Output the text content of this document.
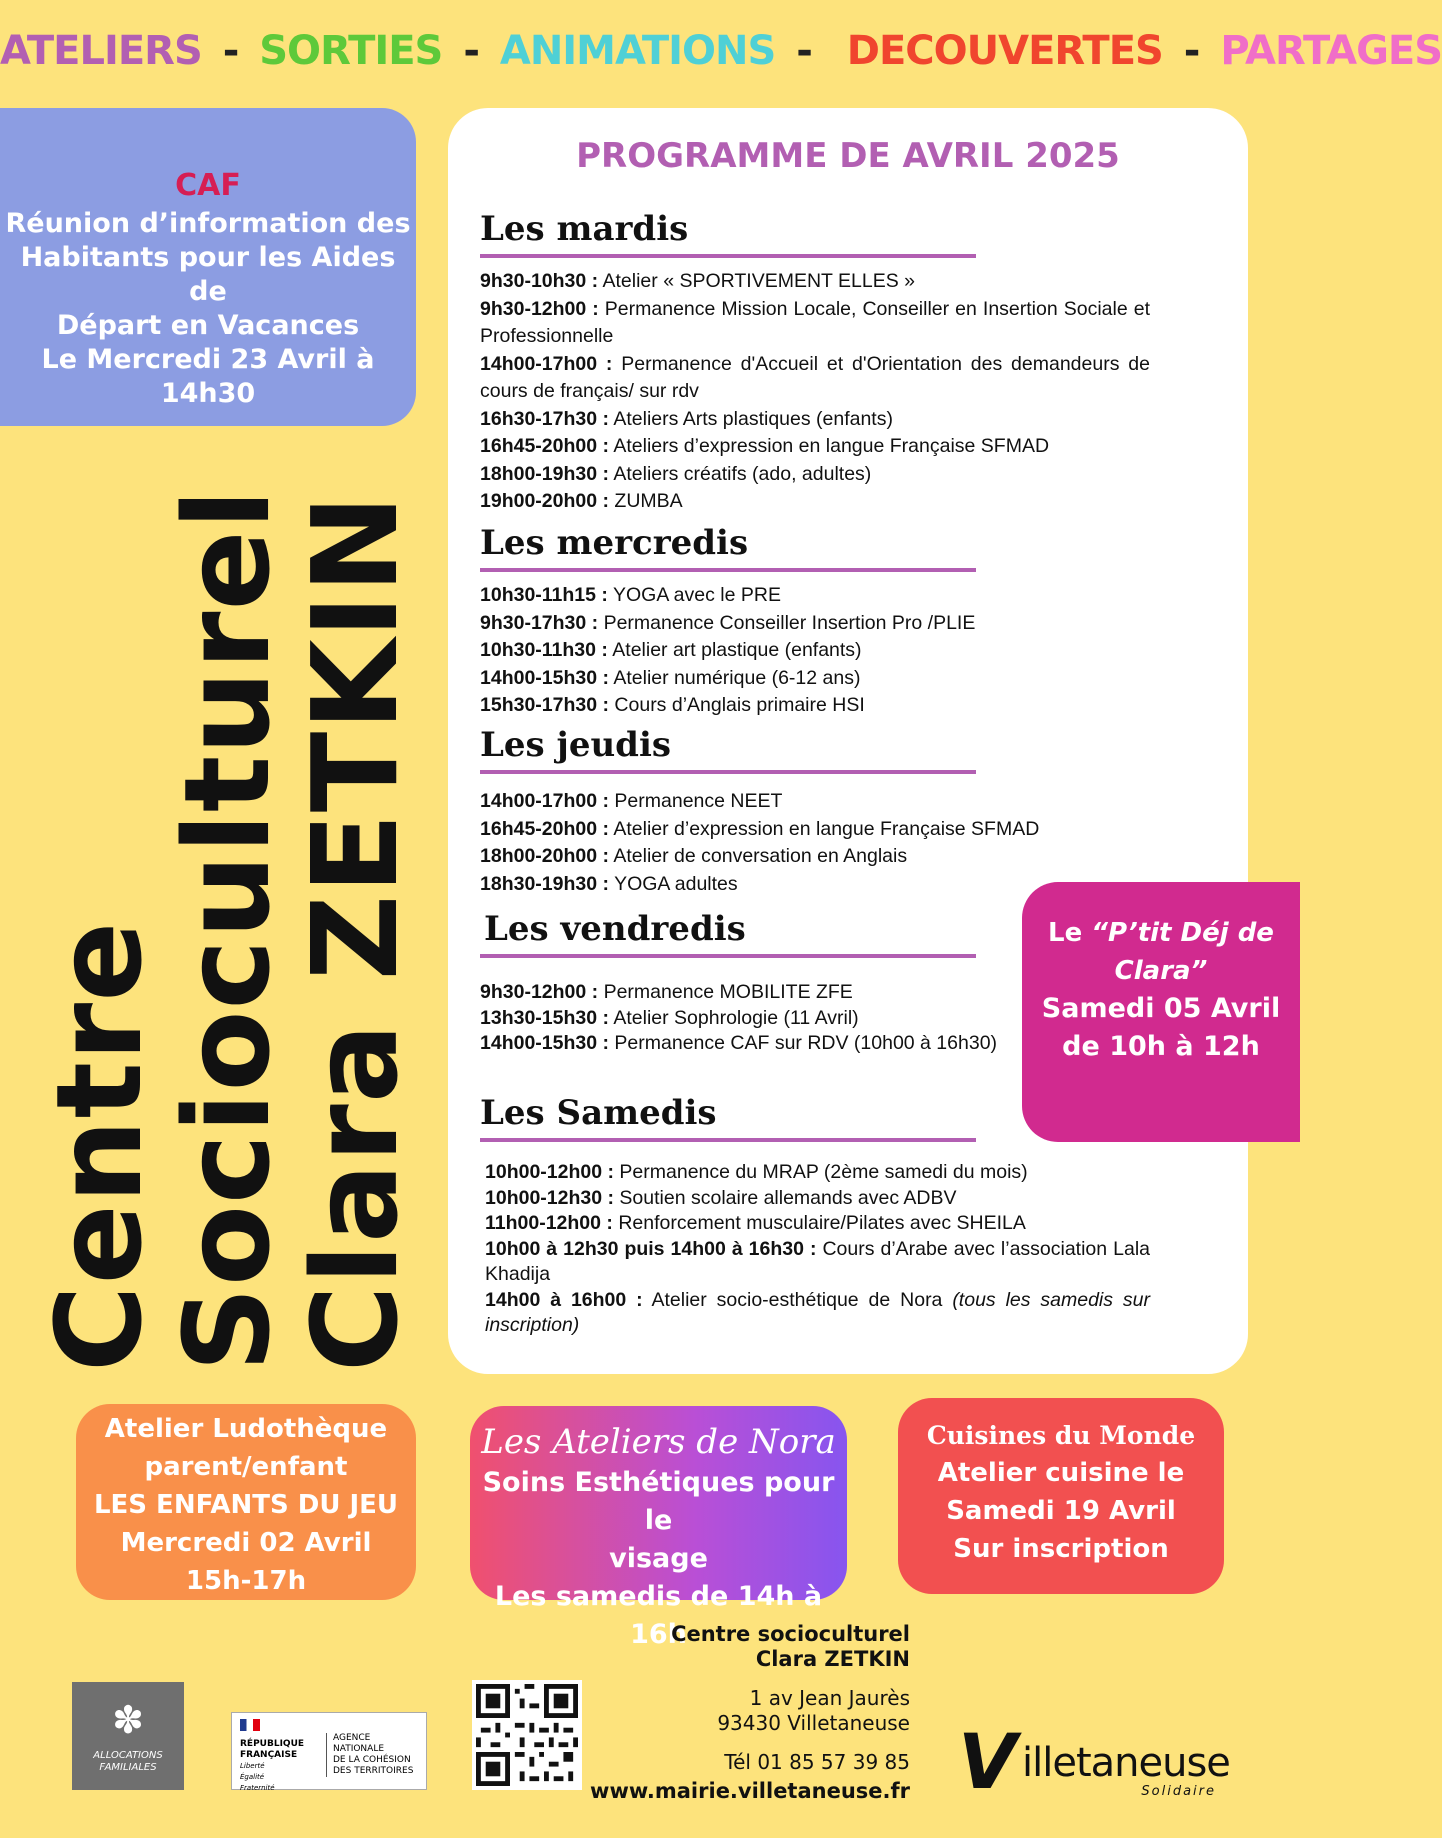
ATELIERS - SORTIES - ANIMATIONS - DECOUVERTES - PARTAGES
CAF
Réunion d’information des
Habitants pour les Aides de
Départ en Vacances
Le Mercredi 23 Avril à
14h30
Centre
Socioculturel
Clara ZETKIN
PROGRAMME DE AVRIL 2025
Les mardis
9h30-10h30 : Atelier « SPORTIVEMENT ELLES »
9h30-12h00 : Permanence Mission Locale, Conseiller en Insertion Sociale et Professionnelle
14h00-17h00 : Permanence d'Accueil et d'Orientation des demandeurs de cours de français/ sur rdv
16h30-17h30 : Ateliers Arts plastiques (enfants)
16h45-20h00 : Ateliers d’expression en langue Française SFMAD
18h00-19h30 : Ateliers créatifs (ado, adultes)
19h00-20h00 : ZUMBA
Les mercredis
10h30-11h15 : YOGA avec le PRE
9h30-17h30 : Permanence Conseiller Insertion Pro /PLIE
10h30-11h30 : Atelier art plastique (enfants)
14h00-15h30 : Atelier numérique (6-12 ans)
15h30-17h30 : Cours d’Anglais primaire HSI
Les jeudis
14h00-17h00 : Permanence NEET
16h45-20h00 : Atelier d’expression en langue Française SFMAD
18h00-20h00 : Atelier de conversation en Anglais
18h30-19h30 : YOGA adultes
Les vendredis
9h30-12h00 : Permanence MOBILITE ZFE
13h30-15h30 : Atelier Sophrologie (11 Avril)
14h00-15h30 : Permanence CAF sur RDV (10h00 à 16h30)
Les Samedis
10h00-12h00 : Permanence du MRAP (2ème samedi du mois)
10h00-12h30 : Soutien scolaire allemands avec ADBV
11h00-12h00 : Renforcement musculaire/Pilates avec SHEILA
10h00 à 12h30 puis 14h00 à 16h30 : Cours d’Arabe avec l’association Lala Khadija
14h00 à 16h00 : Atelier socio-esthétique de Nora (tous les samedis sur inscription)
Le “P’tit Déj de Clara”
Samedi 05 Avril
de 10h à 12h
Atelier Ludothèque
parent/enfant
LES ENFANTS DU JEU
Mercredi 02 Avril
15h-17h
Les Ateliers de Nora
Soins Esthétiques pour le
visage
Les samedis de 14h à 16h
Cuisines du Monde
Atelier cuisine le
Samedi 19 Avril
Sur inscription
Centre socioculturel
Clara ZETKIN
1 av Jean Jaurès
93430 Villetaneuse
Tél 01 85 57 39 85
www.mairie.villetaneuse.fr
✽
ALLOCATIONS
FAMILIALES
RÉPUBLIQUE
FRANÇAISE
Liberté
Égalité
Fraternité
AGENCE
NATIONALE
DE LA COHÉSION
DES TERRITOIRES	V illetaneuse
Solidaire
